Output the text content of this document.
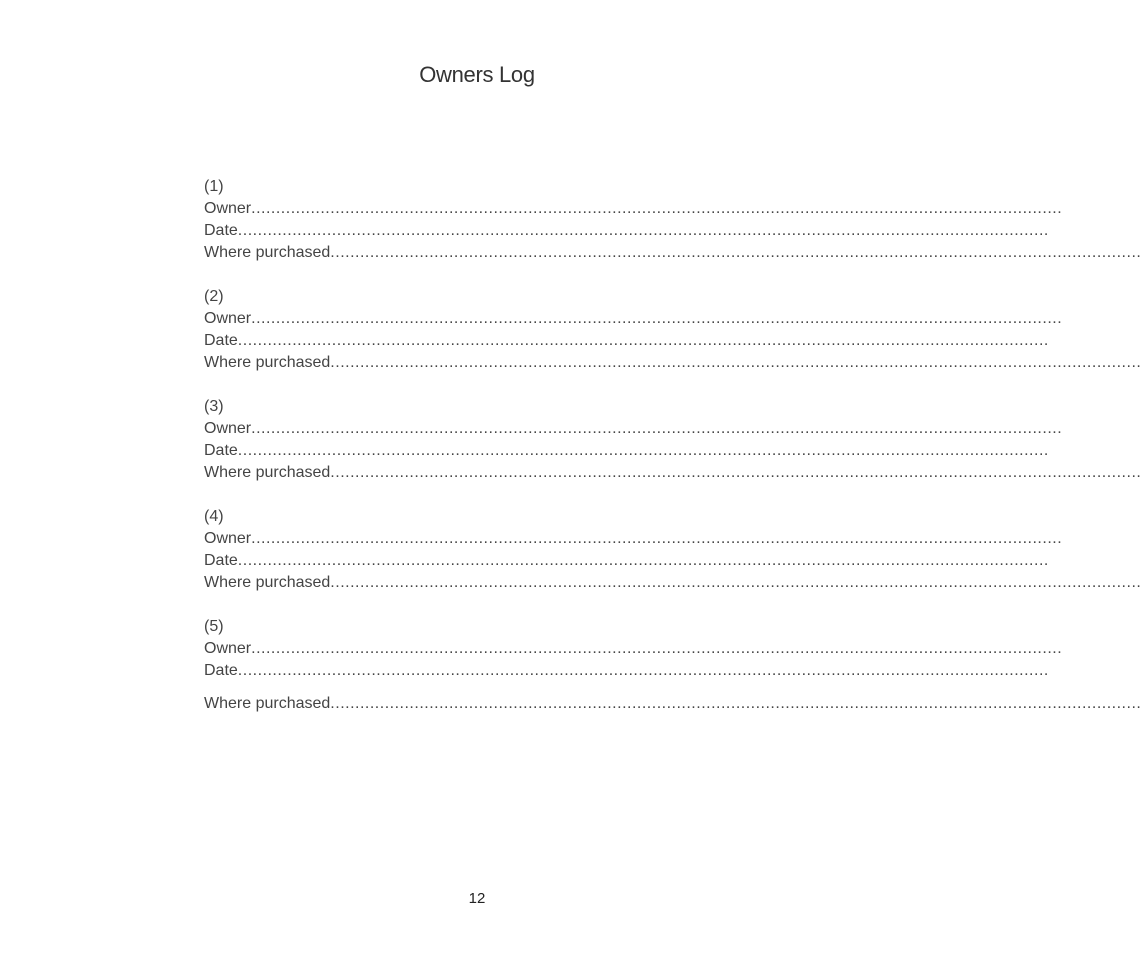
Owners Log
(1)
Owner ....................................................................................................................................................................
Date ....................................................................................................................................................................
Where purchased ....................................................................................................................................................................
(2)
Owner ....................................................................................................................................................................
Date ....................................................................................................................................................................
Where purchased ....................................................................................................................................................................
(3)
Owner ....................................................................................................................................................................
Date ....................................................................................................................................................................
Where purchased ....................................................................................................................................................................
(4)
Owner ....................................................................................................................................................................
Date ....................................................................................................................................................................
Where purchased ....................................................................................................................................................................
(5)
Owner ....................................................................................................................................................................
Date ....................................................................................................................................................................
Where purchased ....................................................................................................................................................................
12
